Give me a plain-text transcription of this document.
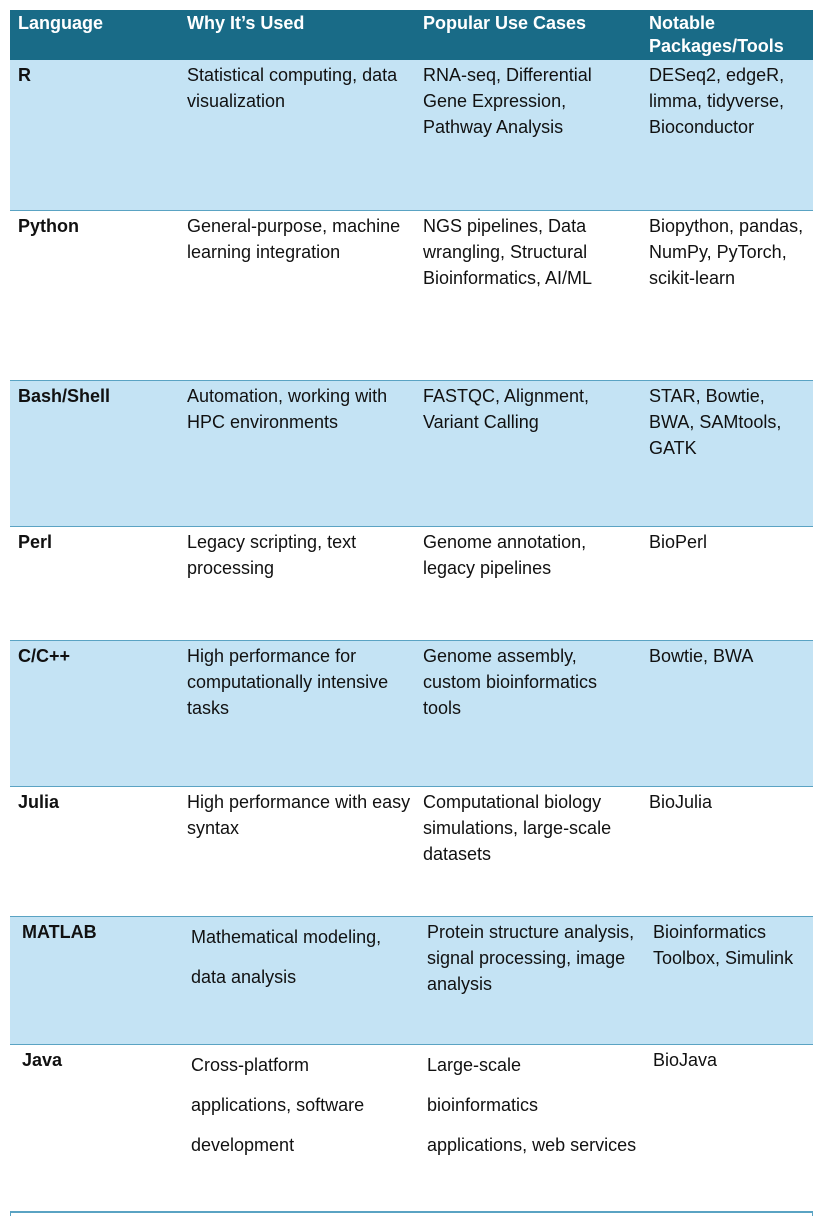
Language	Why It’s Used	Popular Use Cases	Notable Packages/Tools
R	Statistical computing, data visualization	RNA-seq, Differential Gene Expression, Pathway Analysis	DESeq2, edgeR, limma, tidyverse, Bioconductor
Python	General-purpose, machine learning integration	NGS pipelines, Data wrangling, Structural Bioinformatics, AI/ML	Biopython, pandas, NumPy, PyTorch, scikit-learn
Bash/Shell	Automation, working with HPC environments	FASTQC, Alignment, Variant Calling	STAR, Bowtie, BWA, SAMtools, GATK
Perl	Legacy scripting, text processing	Genome annotation, legacy pipelines	BioPerl
C/C++	High performance for computationally intensive tasks	Genome assembly, custom bioinformatics tools	Bowtie, BWA
Julia	High performance with easy syntax	Computational biology simulations, large-scale datasets	BioJulia
MATLAB	Mathematical modeling, data analysis	Protein structure analysis, signal processing, image analysis	Bioinformatics Toolbox, Simulink
Java	Cross-platform applications, software development	Large-scale bioinformatics applications, web services	BioJava
